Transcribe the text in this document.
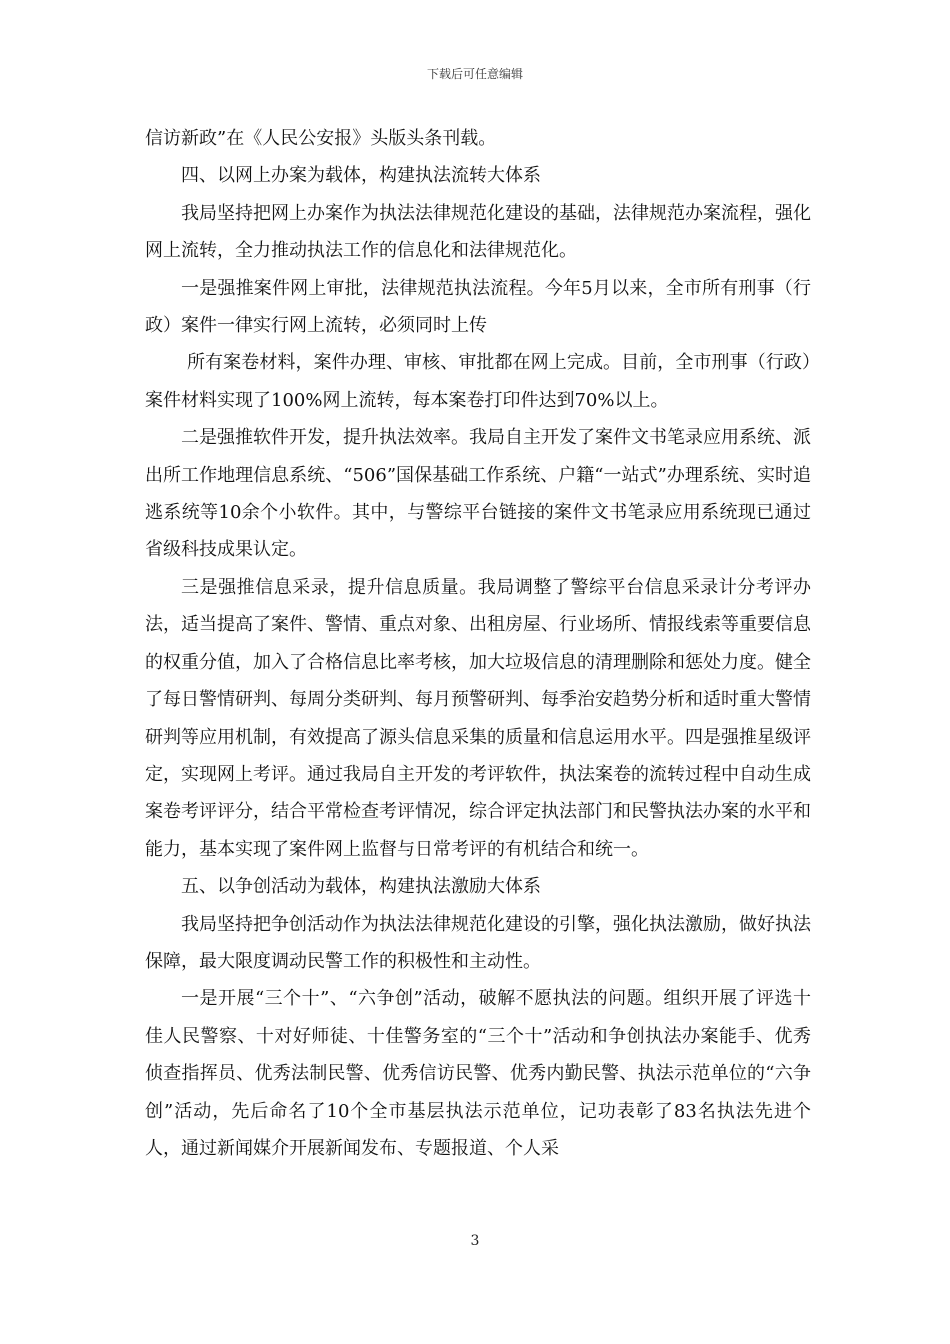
下载后可任意编辑

信访新政”在《人民公安报》头版头条刊载。

四、以网上办案为载体，构建执法流转大体系

我局坚持把网上办案作为执法法律规范化建设的基础，法律规范办案流程，强化网上流转，全力推动执法工作的信息化和法律规范化。

一是强推案件网上审批，法律规范执法流程。今年5月以来，全市所有刑事（行政）案件一律实行网上流转，必须同时上传

所有案卷材料，案件办理、审核、审批都在网上完成。目前，全市刑事（行政）案件材料实现了100%网上流转，每本案卷打印件达到70%以上。

二是强推软件开发，提升执法效率。我局自主开发了案件文书笔录应用系统、派出所工作地理信息系统、“506”国保基础工作系统、户籍“一站式”办理系统、实时追逃系统等10余个小软件。其中，与警综平台链接的案件文书笔录应用系统现已通过省级科技成果认定。

三是强推信息采录，提升信息质量。我局调整了警综平台信息采录计分考评办法，适当提高了案件、警情、重点对象、出租房屋、行业场所、情报线索等重要信息的权重分值，加入了合格信息比率考核，加大垃圾信息的清理删除和惩处力度。健全了每日警情研判、每周分类研判、每月预警研判、每季治安趋势分析和适时重大警情研判等应用机制，有效提高了源头信息采集的质量和信息运用水平。四是强推星级评定，实现网上考评。通过我局自主开发的考评软件，执法案卷的流转过程中自动生成案卷考评评分，结合平常检查考评情况，综合评定执法部门和民警执法办案的水平和能力，基本实现了案件网上监督与日常考评的有机结合和统一。

五、以争创活动为载体，构建执法激励大体系

我局坚持把争创活动作为执法法律规范化建设的引擎，强化执法激励，做好执法保障，最大限度调动民警工作的积极性和主动性。

一是开展“三个十”、“六争创”活动，破解不愿执法的问题。组织开展了评选十佳人民警察、十对好师徒、十佳警务室的“三个十”活动和争创执法办案能手、优秀侦查指挥员、优秀法制民警、优秀信访民警、优秀内勤民警、执法示范单位的“六争创”活动，先后命名了10个全市基层执法示范单位，记功表彰了83名执法先进个人，通过新闻媒介开展新闻发布、专题报道、个人采

3
